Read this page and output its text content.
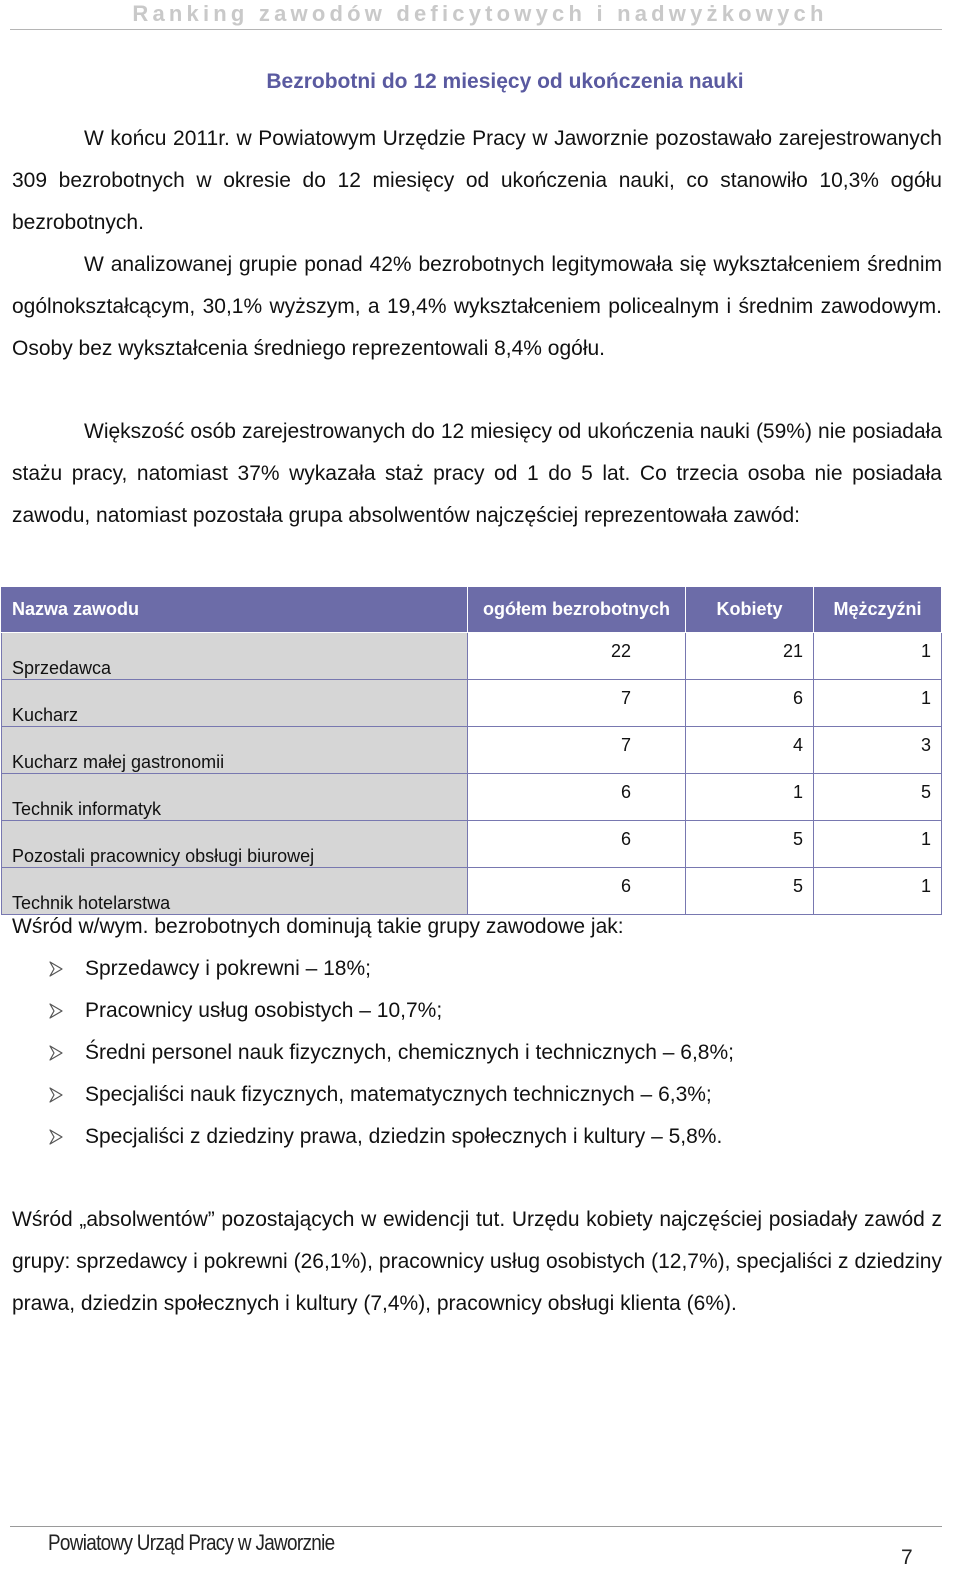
Ranking zawodów deficytowych i nadwyżkowych
Bezrobotni do 12 miesięcy od ukończenia nauki

W końcu 2011r. w Powiatowym Urzędzie Pracy w Jaworznie pozostawało zarejestrowanych 309 bezrobotnych w okresie do 12 miesięcy od ukończenia nauki, co stanowiło 10,3% ogółu bezrobotnych.

W analizowanej grupie ponad 42% bezrobotnych legitymowała się wykształceniem średnim ogólnokształcącym, 30,1% wyższym, a 19,4% wykształceniem policealnym i średnim zawodowym. Osoby bez wykształcenia średniego reprezentowali 8,4% ogółu.

Większość osób zarejestrowanych do 12 miesięcy od ukończenia nauki (59%) nie posiadała stażu pracy, natomiast 37% wykazała staż pracy od 1 do 5 lat. Co trzecia osoba nie posiadała zawodu, natomiast pozostała grupa absolwentów najczęściej reprezentowała zawód:

Nazwa zawodu	ogółem bezrobotnych	Kobiety	Mężczyźni
Sprzedawca	22	21	1
Kucharz	7	6	1
Kucharz małej gastronomii	7	4	3
Technik informatyk	6	1	5
Pozostali pracownicy obsługi biurowej	6	5	1
Technik hotelarstwa	6	5	1

Wśród w/wym. bezrobotnych dominują takie grupy zawodowe jak:

Sprzedawcy i pokrewni – 18%;
Pracownicy usług osobistych – 10,7%;
Średni personel nauk fizycznych, chemicznych i technicznych – 6,8%;
Specjaliści nauk fizycznych, matematycznych technicznych – 6,3%;
Specjaliści z dziedziny prawa, dziedzin społecznych i kultury – 5,8%.

Wśród „absolwentów” pozostających w ewidencji tut. Urzędu kobiety najczęściej posiadały zawód z grupy: sprzedawcy i pokrewni (26,1%), pracownicy usług osobistych (12,7%), specjaliści z dziedziny prawa, dziedzin społecznych i kultury (7,4%), pracownicy obsługi klienta (6%).

Powiatowy Urząd Pracy w Jaworznie
7
